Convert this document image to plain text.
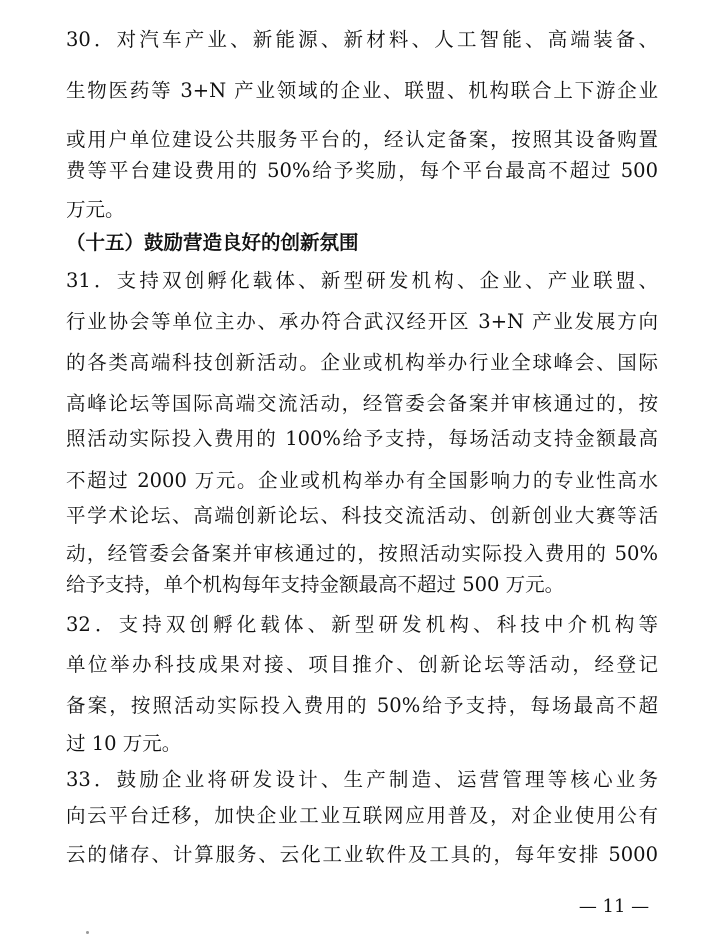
30．对汽车产业、新能源、新材料、人工智能、高端装备、
生物医药等 3+N 产业领域的企业、联盟、机构联合上下游企业
或用户单位建设公共服务平台的，经认定备案，按照其设备购置
费等平台建设费用的 50%给予奖励，每个平台最高不超过 500
万元。
（十五）鼓励营造良好的创新氛围
31．支持双创孵化载体、新型研发机构、企业、产业联盟、
行业协会等单位主办、承办符合武汉经开区 3+N 产业发展方向
的各类高端科技创新活动。企业或机构举办行业全球峰会、国际
高峰论坛等国际高端交流活动，经管委会备案并审核通过的，按
照活动实际投入费用的 100%给予支持，每场活动支持金额最高
不超过 2000 万元。企业或机构举办有全国影响力的专业性高水
平学术论坛、高端创新论坛、科技交流活动、创新创业大赛等活
动，经管委会备案并审核通过的，按照活动实际投入费用的 50%
给予支持，单个机构每年支持金额最高不超过 500 万元。
32．支持双创孵化载体、新型研发机构、科技中介机构等
单位举办科技成果对接、项目推介、创新论坛等活动，经登记
备案，按照活动实际投入费用的 50%给予支持，每场最高不超
过 10 万元。
33．鼓励企业将研发设计、生产制造、运营管理等核心业务
向云平台迁移，加快企业工业互联网应用普及，对企业使用公有
云的储存、计算服务、云化工业软件及工具的，每年安排 5000
— 11 —
